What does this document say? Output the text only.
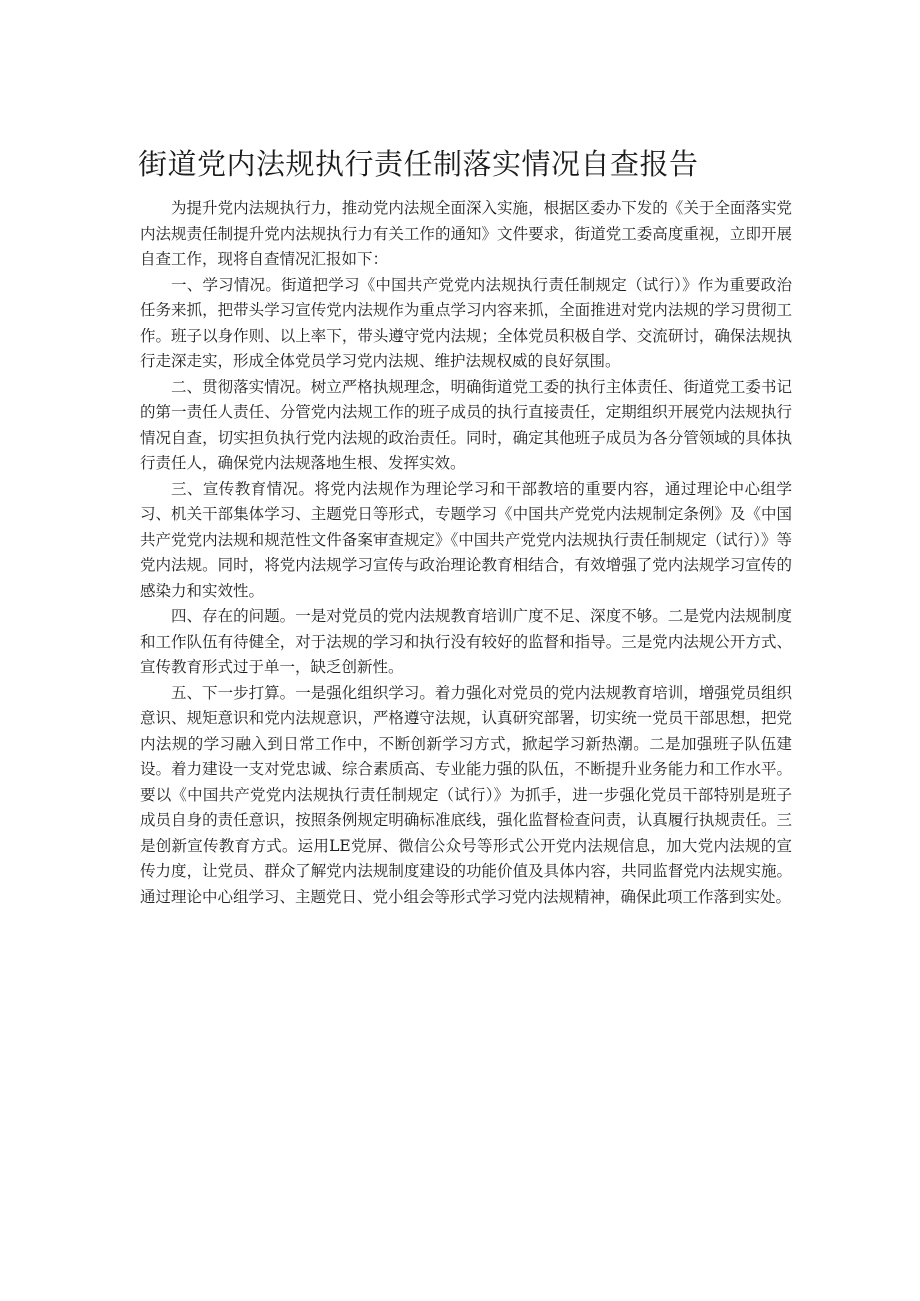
街道党内法规执行责任制落实情况自查报告

为提升党内法规执行力，推动党内法规全面深入实施，根据区委办下发的《关于全面落实党内法规责任制提升党内法规执行力有关工作的通知》文件要求，街道党工委高度重视，立即开展自查工作，现将自查情况汇报如下：

一、学习情况。街道把学习《中国共产党党内法规执行责任制规定（试行）》作为重要政治任务来抓，把带头学习宣传党内法规作为重点学习内容来抓，全面推进对党内法规的学习贯彻工作。班子以身作则、以上率下，带头遵守党内法规；全体党员积极自学、交流研讨，确保法规执行走深走实，形成全体党员学习党内法规、维护法规权威的良好氛围。

二、贯彻落实情况。树立严格执规理念，明确街道党工委的执行主体责任、街道党工委书记的第一责任人责任、分管党内法规工作的班子成员的执行直接责任，定期组织开展党内法规执行情况自查，切实担负执行党内法规的政治责任。同时，确定其他班子成员为各分管领域的具体执行责任人，确保党内法规落地生根、发挥实效。

三、宣传教育情况。将党内法规作为理论学习和干部教培的重要内容，通过理论中心组学习、机关干部集体学习、主题党日等形式，专题学习《中国共产党党内法规制定条例》及《中国共产党党内法规和规范性文件备案审查规定》《中国共产党党内法规执行责任制规定（试行）》等党内法规。同时，将党内法规学习宣传与政治理论教育相结合，有效增强了党内法规学习宣传的感染力和实效性。

四、存在的问题。一是对党员的党内法规教育培训广度不足、深度不够。二是党内法规制度和工作队伍有待健全，对于法规的学习和执行没有较好的监督和指导。三是党内法规公开方式、宣传教育形式过于单一，缺乏创新性。

五、下一步打算。一是强化组织学习。着力强化对党员的党内法规教育培训，增强党员组织意识、规矩意识和党内法规意识，严格遵守法规，认真研究部署，切实统一党员干部思想，把党内法规的学习融入到日常工作中，不断创新学习方式，掀起学习新热潮。二是加强班子队伍建设。着力建设一支对党忠诚、综合素质高、专业能力强的队伍，不断提升业务能力和工作水平。要以《中国共产党党内法规执行责任制规定（试行）》为抓手，进一步强化党员干部特别是班子成员自身的责任意识，按照条例规定明确标准底线，强化监督检查问责，认真履行执规责任。三是创新宣传教育方式。运用LE党屏、微信公众号等形式公开党内法规信息，加大党内法规的宣传力度，让党员、群众了解党内法规制度建设的功能价值及具体内容，共同监督党内法规实施。通过理论中心组学习、主题党日、党小组会等形式学习党内法规精神，确保此项工作落到实处。
